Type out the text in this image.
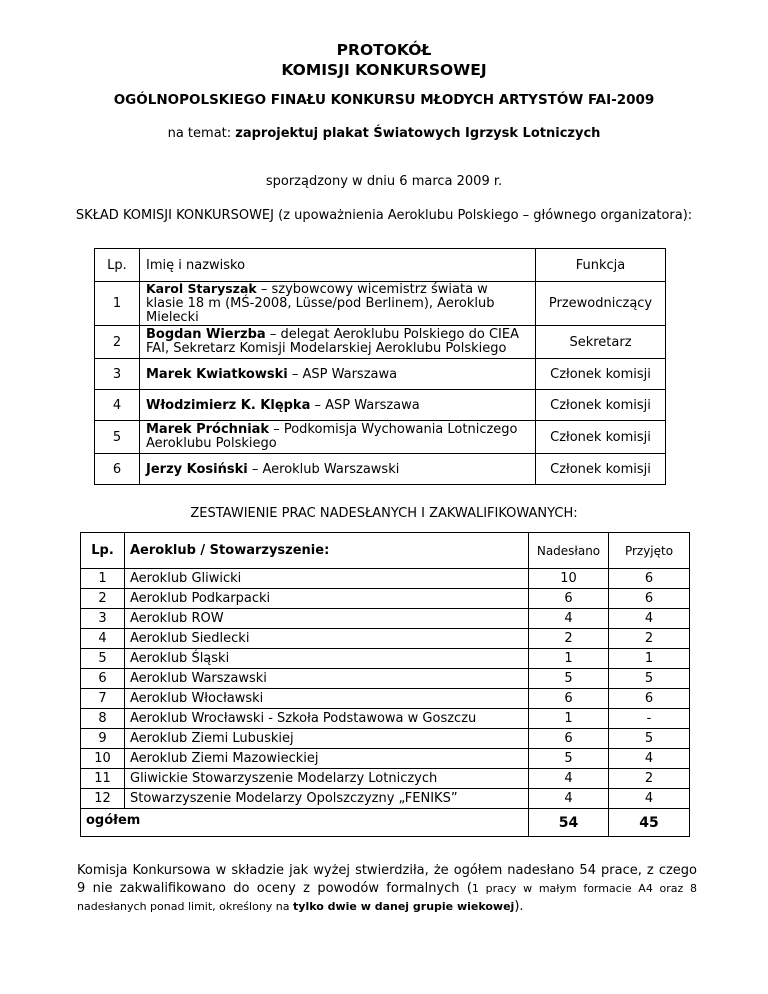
PROTOKÓŁ
KOMISJI KONKURSOWEJ
OGÓLNOPOLSKIEGO FINAŁU KONKURSU MŁODYCH ARTYSTÓW FAI-2009
na temat: zaprojektuj plakat Światowych Igrzysk Lotniczych
sporządzony w dniu 6 marca 2009 r.
SKŁAD KOMISJI KONKURSOWEJ (z upoważnienia Aeroklubu Polskiego – głównego organizatora):
Lp.	Imię i nazwisko	Funkcja
1	Karol Staryszak – szybowcowy wicemistrz świata w klasie 18 m (MŚ-2008, Lüsse/pod Berlinem), Aeroklub Mielecki	Przewodniczący
2	Bogdan Wierzba – delegat Aeroklubu Polskiego do CIEA FAI, Sekretarz Komisji Modelarskiej Aeroklubu Polskiego	Sekretarz
3	Marek Kwiatkowski – ASP Warszawa	Członek komisji
4	Włodzimierz K. Klępka – ASP Warszawa	Członek komisji
5	Marek Próchniak – Podkomisja Wychowania Lotniczego Aeroklubu Polskiego	Członek komisji
6	Jerzy Kosiński – Aeroklub Warszawski	Członek komisji
ZESTAWIENIE PRAC NADESŁANYCH I ZAKWALIFIKOWANYCH:
Lp.	Aeroklub / Stowarzyszenie:	Nadesłano	Przyjęto
1	Aeroklub Gliwicki	10	6
2	Aeroklub Podkarpacki	6	6
3	Aeroklub ROW	4	4
4	Aeroklub Siedlecki	2	2
5	Aeroklub Śląski	1	1
6	Aeroklub Warszawski	5	5
7	Aeroklub Włocławski	6	6
8	Aeroklub Wrocławski - Szkoła Podstawowa w Goszczu	1	-
9	Aeroklub Ziemi Lubuskiej	6	5
10	Aeroklub Ziemi Mazowieckiej	5	4
11	Gliwickie Stowarzyszenie Modelarzy Lotniczych	4	2
12	Stowarzyszenie Modelarzy Opolszczyzny „FENIKS”	4	4
ogółem		54	45
Komisja Konkursowa w składzie jak wyżej stwierdziła, że ogółem nadesłano 54 prace, z czego 9 nie zakwalifikowano do oceny z powodów formalnych (1 pracy w małym formacie A4 oraz 8 nadesłanych ponad limit, określony na tylko dwie w danej grupie wiekowej).
